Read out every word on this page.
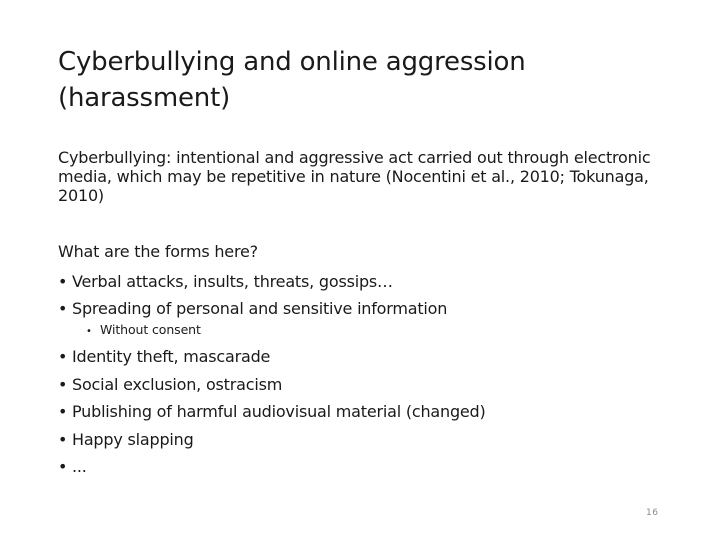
Cyberbullying and online aggression (harassment)

Cyberbullying: intentional and aggressive act carried out through electronic media, which may be repetitive in nature (Nocentini et al., 2010; Tokunaga, 2010)

What are the forms here?

• Verbal attacks, insults, threats, gossips…
• Spreading of personal and sensitive information
• Without consent
• Identity theft, mascarade
• Social exclusion, ostracism
• Publishing of harmful audiovisual material (changed)
• Happy slapping
• ...
16
